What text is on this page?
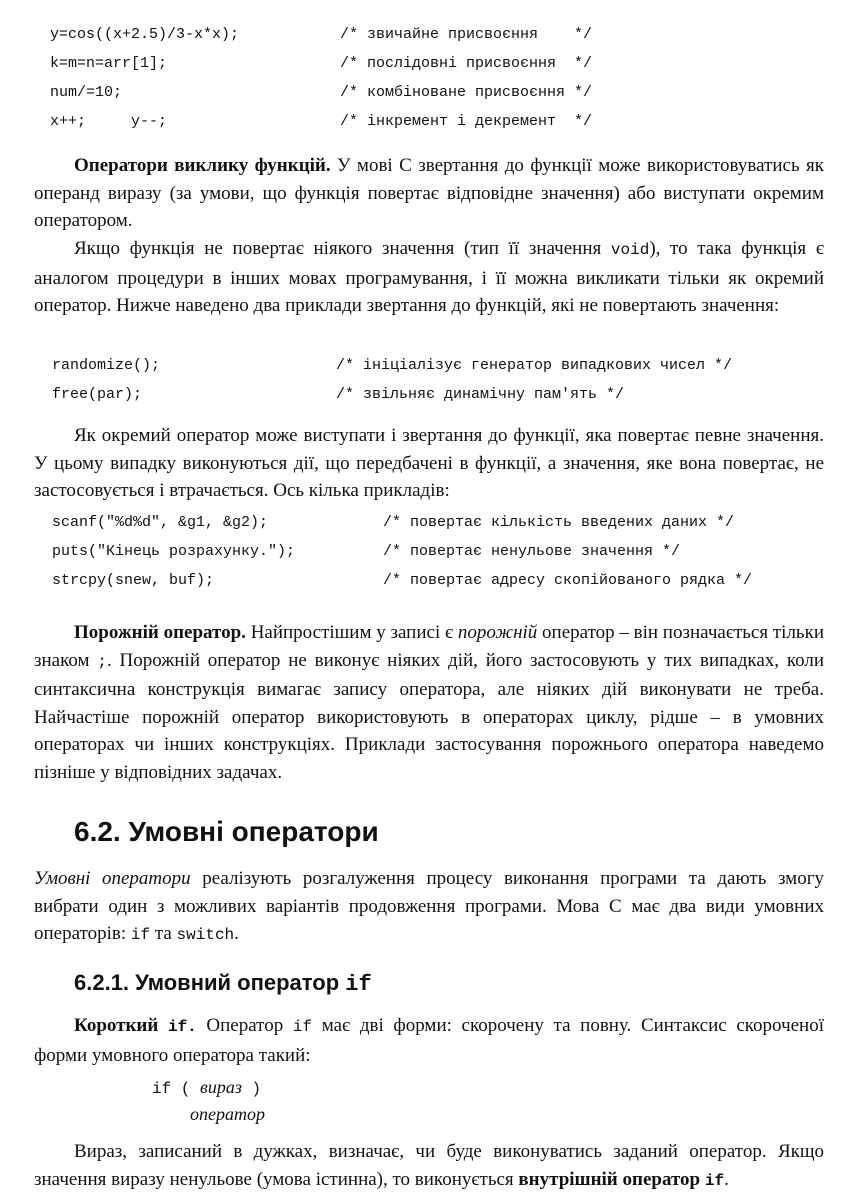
y=cos((x+2.5)/3-x*x);	/* звичайне присвоєння    */
k=m=n=arr[1];	/* послідовні присвоєння  */
num/=10;	/* комбіноване присвоєння */
x++;     y--;	/* інкремент і декремент  */

Оператори виклику функцій. У мові С звертання до функції може використовуватись як операнд виразу (за умови, що функція повертає відповідне значення) або виступати окремим оператором.

Якщо функція не повертає ніякого значення (тип її значення void), то така функція є аналогом процедури в інших мовах програмування, і її можна викликати тільки як окремий оператор. Нижче наведено два приклади звертання до функцій, які не повертають значення:

randomize();	/* ініціалізує генератор випадкових чисел */
free(par);	/* звільняє динамічну пам'ять */

Як окремий оператор може виступати і звертання до функції, яка повертає певне значення. У цьому випадку виконуються дії, що передбачені в функції, а значення, яке вона повертає, не застосовується і втрачається. Ось кілька прикладів:

scanf("%d%d", &g1, &g2);	/* повертає кількість введених даних */
puts("Кінець розрахунку.");	/* повертає ненульове значення */
strcpy(snew, buf);	/* повертає адресу скопійованого рядка */

Порожній оператор. Найпростішим у записі є порожній оператор – він позначається тільки знаком ;. Порожній оператор не виконує ніяких дій, його застосовують у тих випадках, коли синтаксична конструкція вимагає запису оператора, але ніяких дій виконувати не треба. Найчастіше порожній оператор використовують в операторах циклу, рідше – в умовних операторах чи інших конструкціях. Приклади застосування порожнього оператора наведемо пізніше у відповідних задачах.

6.2. Умовні оператори

Умовні оператори реалізують розгалуження процесу виконання програми та дають змогу вибрати один з можливих варіантів продовження програми. Мова С має два види умовних операторів: if та switch.

6.2.1. Умовний оператор if

Короткий if. Оператор if має дві форми: скорочену та повну. Синтаксис скороченої форми умовного оператора такий:

if ( вираз )
оператор

Вираз, записаний в дужках, визначає, чи буде виконуватись заданий оператор. Якщо значення виразу ненульове (умова істинна), то виконується внутрішній оператор if.
